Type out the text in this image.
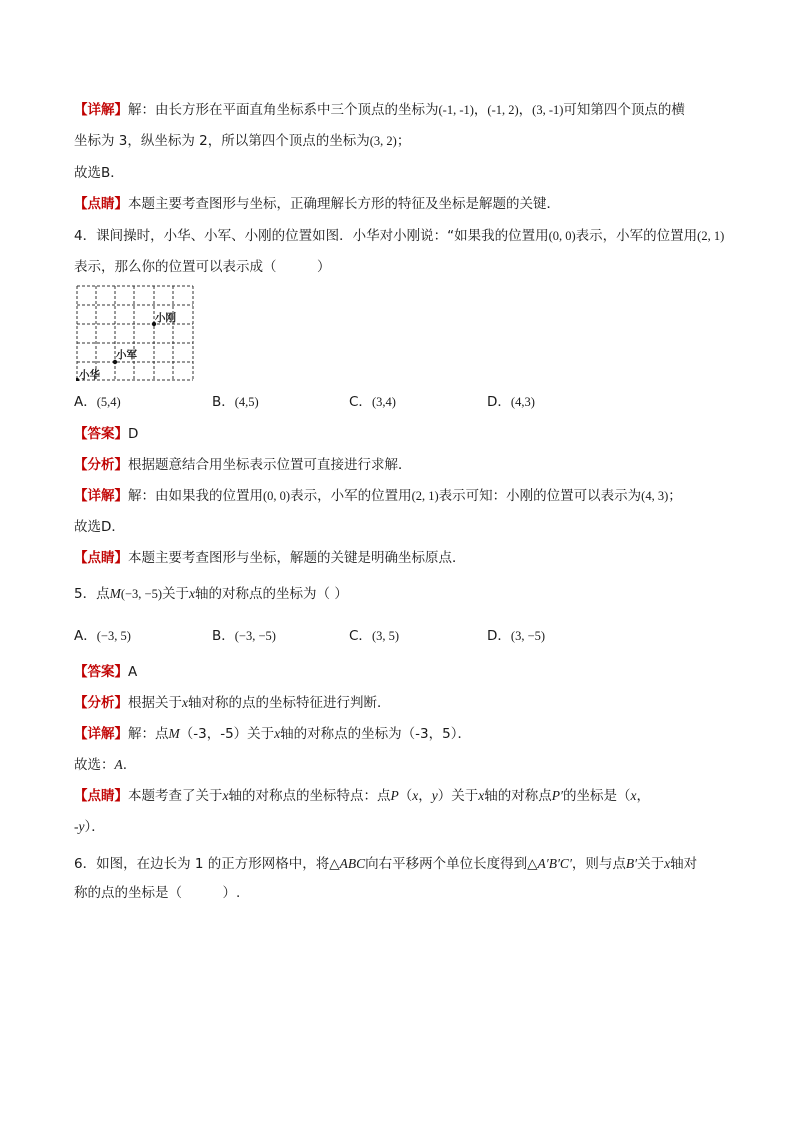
【详解】解：由长方形在平面直角坐标系中三个顶点的坐标为(-1, -1)，(-1, 2)，(3, -1)可知第四个顶点的横
坐标为 3，纵坐标为 2，所以第四个顶点的坐标为(3, 2)；
故选B．
【点睛】本题主要考查图形与坐标，正确理解长方形的特征及坐标是解题的关键．
4．课间操时，小华、小军、小刚的位置如图．小华对小刚说：“如果我的位置用(0, 0)表示，小军的位置用(2, 1)
表示，那么你的位置可以表示成（　　　）
小刚
小军
小华
A．(5,4)	B．(4,5)	C．(3,4)	D．(4,3)
【答案】D
【分析】根据题意结合用坐标表示位置可直接进行求解．
【详解】解：由如果我的位置用(0, 0)表示，小军的位置用(2, 1)表示可知：小刚的位置可以表示为(4, 3)；
故选D．
【点睛】本题主要考查图形与坐标，解题的关键是明确坐标原点．
5．点M(−3, −5)关于x轴的对称点的坐标为（ ）
A．(−3, 5)	B．(−3, −5)	C．(3, 5)	D．(3, −5)
【答案】A
【分析】根据关于x轴对称的点的坐标特征进行判断．
【详解】解：点M（-3，-5）关于x轴的对称点的坐标为（-3，5）．
故选：A.
【点睛】本题考查了关于x轴的对称点的坐标特点：点P（x，y）关于x轴的对称点P′的坐标是（x，
-y）．
6．如图，在边长为 1 的正方形网格中，将△ABC向右平移两个单位长度得到△A′B′C′，则与点B′关于x轴对
称的点的坐标是（　　　）.
